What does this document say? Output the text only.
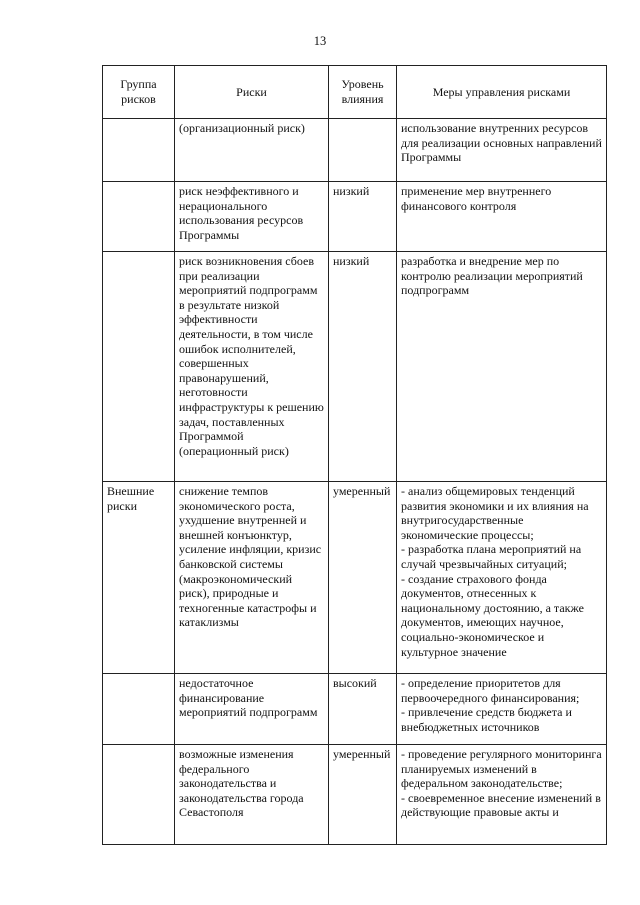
13
Группа рисков	Риски	Уровень влияния	Меры управления рисками
	(организационный риск)		использование внутренних ресурсов для реализации основных направлений Программы

	риск неэффективного и нерационального использования ресурсов Программы	низкий	применение мер внутреннего финансового контроля

	риск возникновения сбоев при реализации мероприятий подпрограмм в результате низкой эффективности деятельности, в том числе ошибок исполнителей, совершенных правонарушений, неготовности инфраструктуры к решению задач, поставленных Программой (операционный риск)	низкий	разработка и внедрение мер по контролю реализации мероприятий подпрограмм

Внешние риски	снижение темпов экономического роста, ухудшение внутренней и внешней конъюнктур, усиление инфляции, кризис банковской системы (макроэкономический риск), природные и техногенные катастрофы и катаклизмы	умеренный	- анализ общемировых тенденций развития экономики и их влияния на внутригосударственные экономические процессы;
- разработка плана мероприятий на случай чрезвычайных ситуаций;
- создание страхового фонда документов, отнесенных к национальному достоянию, а также документов, имеющих научное, социально-экономическое и культурное значение

	недостаточное финансирование мероприятий подпрограмм	высокий	- определение приоритетов для первоочередного финансирования;
- привлечение средств бюджета и внебюджетных источников

	возможные изменения федерального законодательства и законодательства города Севастополя	умеренный	- проведение регулярного мониторинга планируемых изменений в федеральном законодательстве;
- своевременное внесение изменений в действующие правовые акты и
